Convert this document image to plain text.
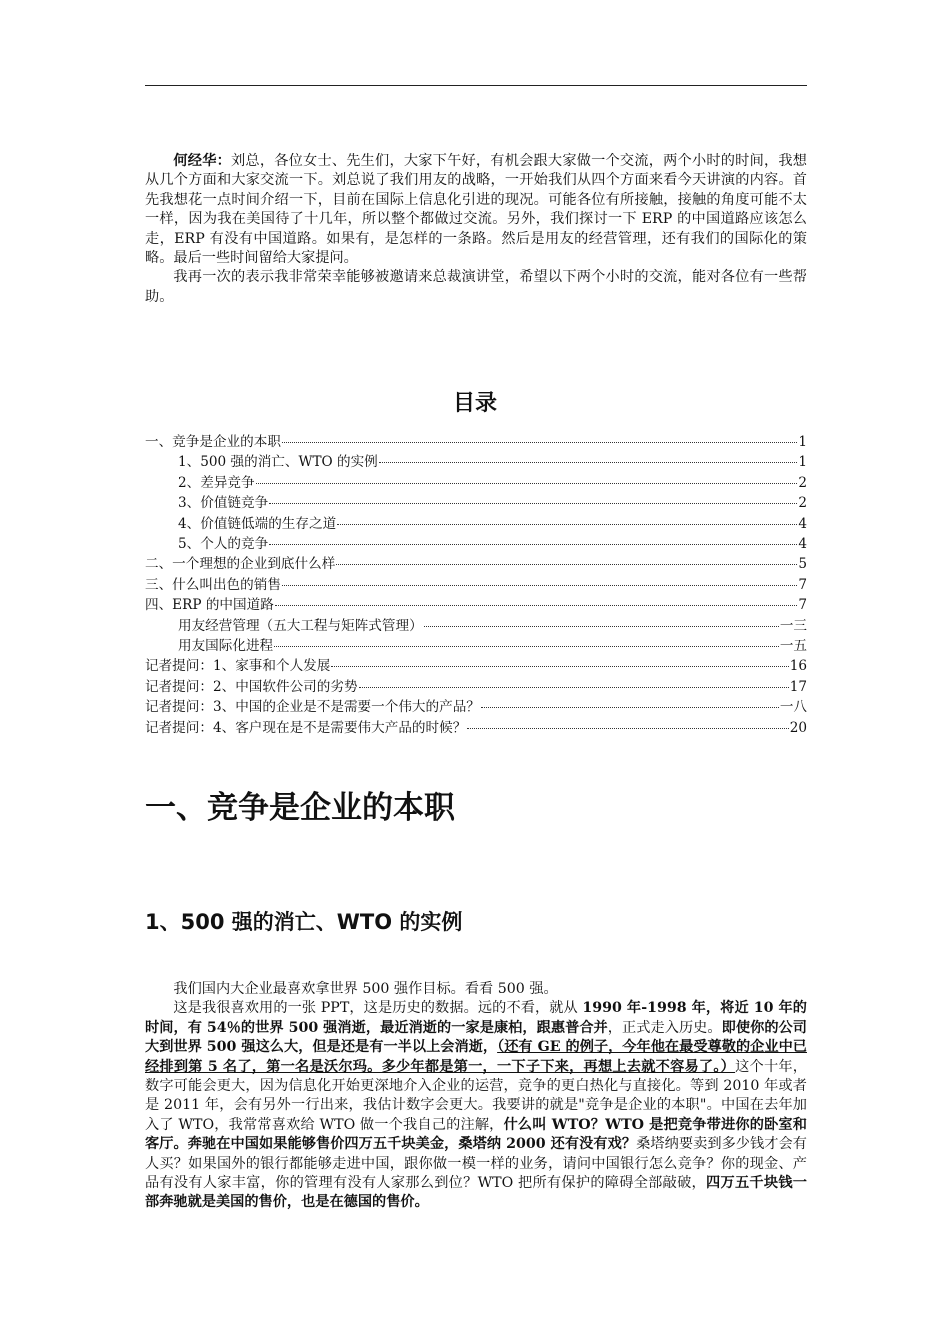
何经华：刘总，各位女士、先生们，大家下午好，有机会跟大家做一个交流，两个小时的时间，我想从几个方面和大家交流一下。刘总说了我们用友的战略，一开始我们从四个方面来看今天讲演的内容。首先我想花一点时间介绍一下，目前在国际上信息化引进的现况。可能各位有所接触，接触的角度可能不太一样，因为我在美国待了十几年，所以整个都做过交流。另外，我们探讨一下 ERP 的中国道路应该怎么走，ERP 有没有中国道路。如果有，是怎样的一条路。然后是用友的经营管理，还有我们的国际化的策略。最后一些时间留给大家提问。

我再一次的表示我非常荣幸能够被邀请来总裁演讲堂，希望以下两个小时的交流，能对各位有一些帮助。

目录
一、竞争是企业的本职	1
1、500 强的消亡、WTO 的实例	1
2、差异竞争	2
3、价值链竞争	2
4、价值链低端的生存之道	4
5、个人的竞争	4
二、一个理想的企业到底什么样	5
三、什么叫出色的销售	7
四、ERP 的中国道路	7
用友经营管理（五大工程与矩阵式管理）	一三
用友国际化进程	一五
记者提问：1、家事和个人发展	16
记者提问：2、中国软件公司的劣势	17
记者提问：3、中国的企业是不是需要一个伟大的产品？	一八
记者提问：4、客户现在是不是需要伟大产品的时候？	20
一、竞争是企业的本职
1、500 强的消亡、WTO 的实例

我们国内大企业最喜欢拿世界 500 强作目标。看看 500 强。

这是我很喜欢用的一张 PPT，这是历史的数据。远的不看，就从 1990 年-1998 年，将近 10 年的时间，有 54％的世界 500 强消逝，最近消逝的一家是康柏，跟惠普合并，正式走入历史。即使你的公司大到世界 500 强这么大，但是还是有一半以上会消逝，（还有 GE 的例子，今年他在最受尊敬的企业中已经排到第 5 名了，第一名是沃尔玛。多少年都是第一，一下子下来，再想上去就不容易了。）这个十年，数字可能会更大，因为信息化开始更深地介入企业的运营，竞争的更白热化与直接化。等到 2010 年或者是 2011 年，会有另外一行出来，我估计数字会更大。我要讲的就是"竞争是企业的本职"。中国在去年加入了 WTO，我常常喜欢给 WTO 做一个我自己的注解，什么叫 WTO？WTO 是把竞争带进你的卧室和客厅。奔驰在中国如果能够售价四万五千块美金，桑塔纳 2000 还有没有戏？桑塔纳要卖到多少钱才会有人买？如果国外的银行都能够走进中国，跟你做一模一样的业务，请问中国银行怎么竞争？你的现金、产品有没有人家丰富，你的管理有没有人家那么到位？WTO 把所有保护的障碍全部敲破，四万五千块钱一部奔驰就是美国的售价，也是在德国的售价。
